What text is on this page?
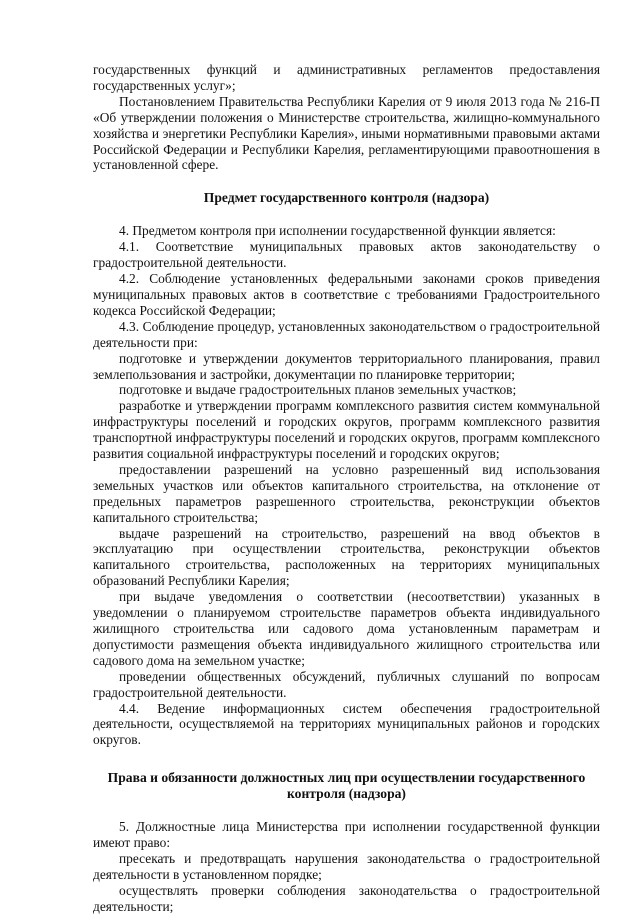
государственных функций и административных регламентов предоставления государственных услуг»;

Постановлением Правительства Республики Карелия от 9 июля 2013 года № 216-П «Об утверждении положения о Министерстве строительства, жилищно-коммунального хозяйства и энергетики Республики Карелия», иными нормативными правовыми актами Российской Федерации и Республики Карелия, регламентирующими правоотношения в установленной сфере.

Предмет государственного контроля (надзора)

4. Предметом контроля при исполнении государственной функции является:

4.1. Соответствие муниципальных правовых актов законодательству о градостроительной деятельности.

4.2. Соблюдение установленных федеральными законами сроков приведения муниципальных правовых актов в соответствие с требованиями Градостроительного кодекса Российской Федерации;

4.3. Соблюдение процедур, установленных законодательством о градостроительной деятельности при:

подготовке и утверждении документов территориального планирования, правил землепользования и застройки, документации по планировке территории;

подготовке и выдаче градостроительных планов земельных участков;

разработке и утверждении программ комплексного развития систем коммунальной инфраструктуры поселений и городских округов, программ комплексного развития транспортной инфраструктуры поселений и городских округов, программ комплексного развития социальной инфраструктуры поселений и городских округов;

предоставлении разрешений на условно разрешенный вид использования земельных участков или объектов капитального строительства, на отклонение от предельных параметров разрешенного строительства, реконструкции объектов капитального строительства;

выдаче разрешений на строительство, разрешений на ввод объектов в эксплуатацию при осуществлении строительства, реконструкции объектов капитального строительства, расположенных на территориях муниципальных образований Республики Карелия;

при выдаче уведомления о соответствии (несоответствии) указанных в уведомлении о планируемом строительстве параметров объекта индивидуального жилищного строительства или садового дома установленным параметрам и допустимости размещения объекта индивидуального жилищного строительства или садового дома на земельном участке;

проведении общественных обсуждений, публичных слушаний по вопросам градостроительной деятельности.

4.4. Ведение информационных систем обеспечения градостроительной деятельности, осуществляемой на территориях муниципальных районов и городских округов.

Права и обязанности должностных лиц при осуществлении государственного

контроля (надзора)

5. Должностные лица Министерства при исполнении государственной функции имеют право:

пресекать и предотвращать нарушения законодательства о градостроительной деятельности в установленном порядке;

осуществлять проверки соблюдения законодательства о градостроительной деятельности;
